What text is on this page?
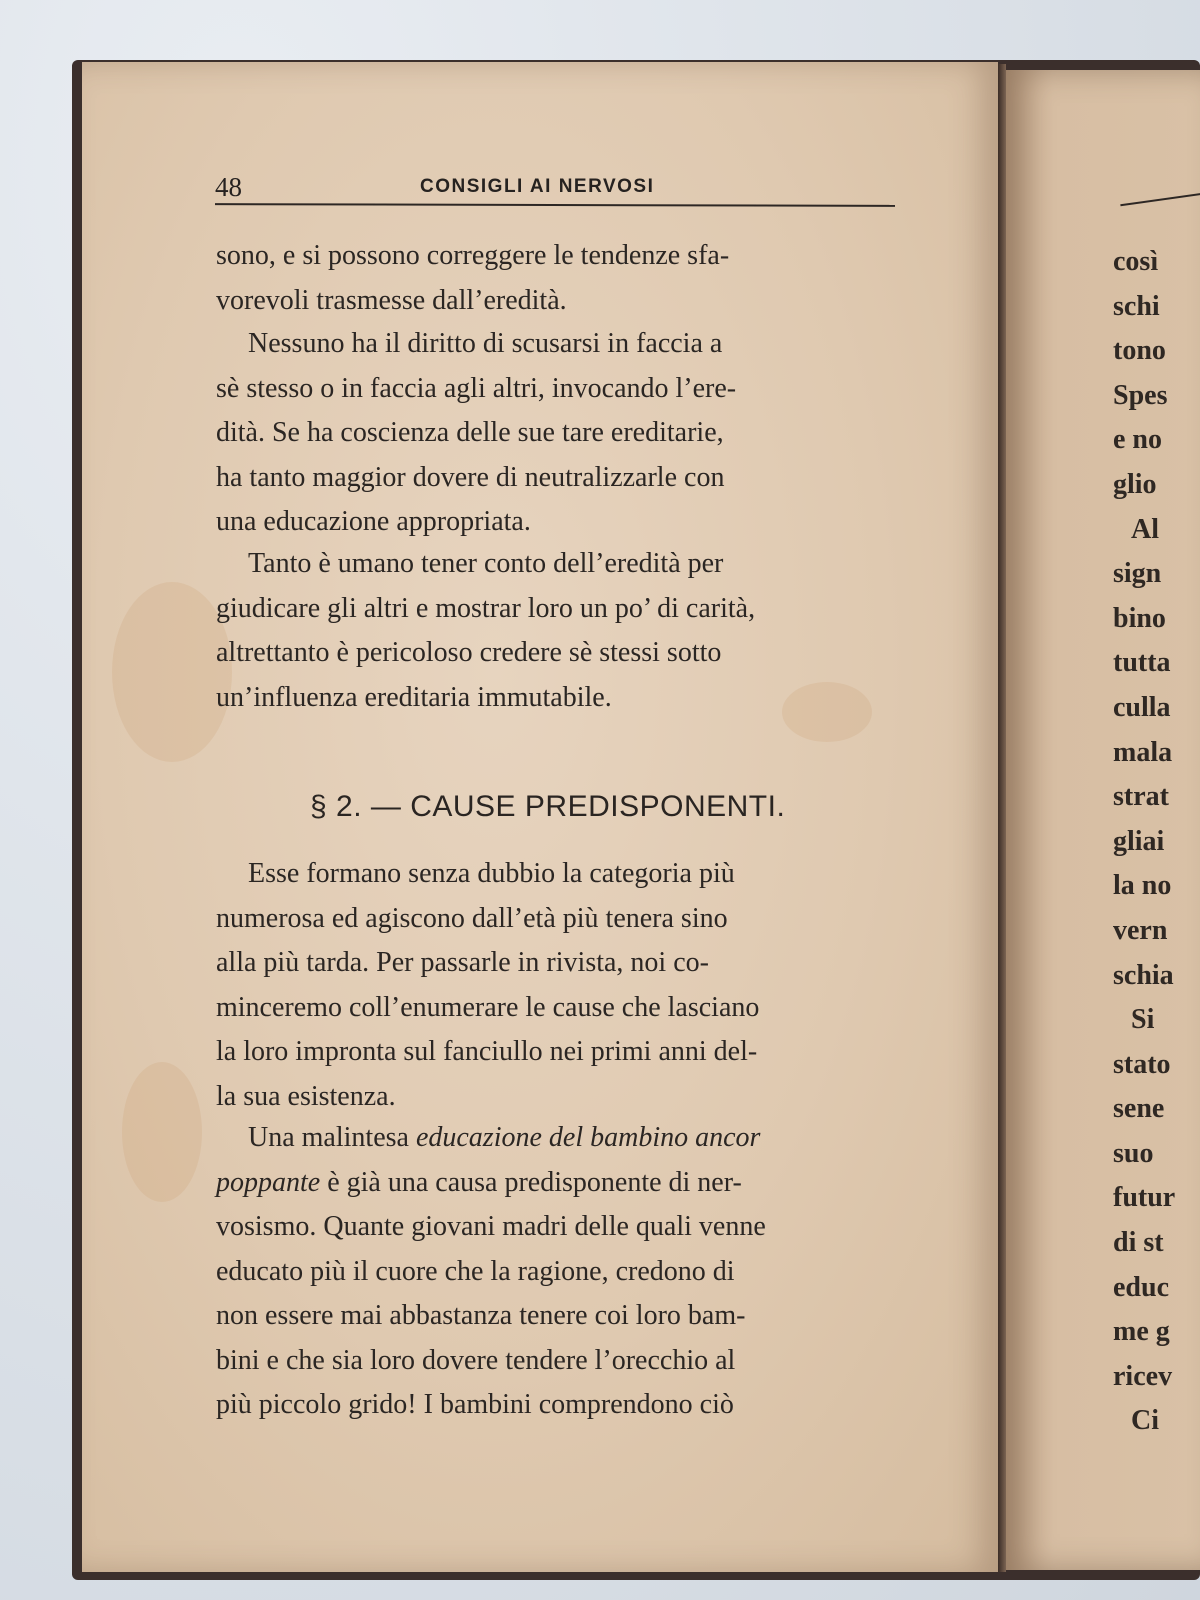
48	CONSIGLI AI NERVOSI
sono, e si possono correggere le tendenze sfa-
vorevoli trasmesse dall’eredità.
Nessuno ha il diritto di scusarsi in faccia a
sè stesso o in faccia agli altri, invocando l’ere-
dità. Se ha coscienza delle sue tare ereditarie,
ha tanto maggior dovere di neutralizzarle con
una educazione appropriata.
Tanto è umano tener conto dell’eredità per
giudicare gli altri e mostrar loro un po’ di carità,
altrettanto è pericoloso credere sè stessi sotto
un’influenza ereditaria immutabile.
§ 2. — CAUSE PREDISPONENTI.
Esse formano senza dubbio la categoria più
numerosa ed agiscono dall’età più tenera sino
alla più tarda. Per passarle in rivista, noi co-
minceremo coll’enumerare le cause che lasciano
la loro impronta sul fanciullo nei primi anni del-
la sua esistenza.
Una malintesa educazione del bambino ancor
poppante è già una causa predisponente di ner-
vosismo. Quante giovani madri delle quali venne
educato più il cuore che la ragione, credono di
non essere mai abbastanza tenere coi loro bam-
bini e che sia loro dovere tendere l’orecchio al
più piccolo grido! I bambini comprendono ciò
così
schi
tono
Spes
e no
glio
Al
sign
bino
tutta
culla
mala
strat
gliai
la no
vern
schia
Si
stato
sene
suo
futur
di st
educ
me g
ricev
Ci
